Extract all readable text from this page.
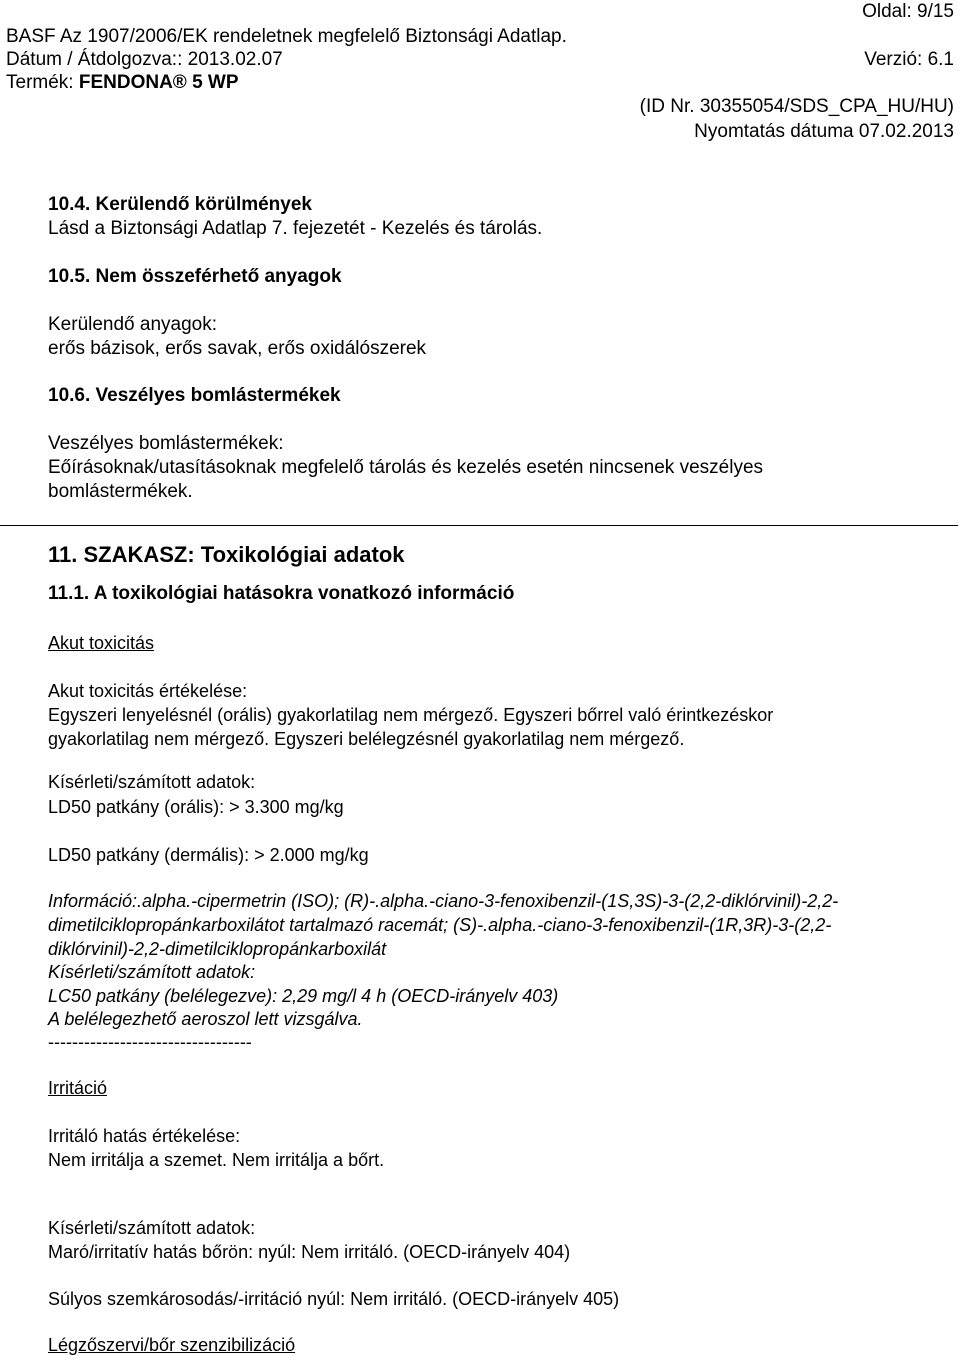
Oldal: 9/15
BASF Az 1907/2006/EK rendeletnek megfelelő Biztonsági Adatlap.
Dátum / Átdolgozva:: 2013.02.07	Verzió: 6.1
Termék: FENDONA® 5 WP
(ID Nr. 30355054/SDS_CPA_HU/HU)
Nyomtatás dátuma 07.02.2013
10.4. Kerülendő körülmények
Lásd a Biztonsági Adatlap 7. fejezetét - Kezelés és tárolás.
10.5. Nem összeférhető anyagok
Kerülendő anyagok:
erős bázisok, erős savak, erős oxidálószerek
10.6. Veszélyes bomlástermékek
Veszélyes bomlástermékek:
Eőírásoknak/utasításoknak megfelelő tárolás és kezelés esetén nincsenek veszélyes
bomlástermékek.
11. SZAKASZ: Toxikológiai adatok
11.1. A toxikológiai hatásokra vonatkozó információ
Akut toxicitás
Akut toxicitás értékelése:
Egyszeri lenyelésnél (orális) gyakorlatilag nem mérgező. Egyszeri bőrrel való érintkezéskor
gyakorlatilag nem mérgező. Egyszeri belélegzésnél gyakorlatilag nem mérgező.
Kísérleti/számított adatok:
LD50 patkány (orális): > 3.300 mg/kg
LD50 patkány (dermális): > 2.000 mg/kg
Információ:.alpha.-cipermetrin (ISO); (R)-.alpha.-ciano-3-fenoxibenzil-(1S,3S)-3-(2,2-diklórvinil)-2,2-
dimetilciklopropánkarboxilátot tartalmazó racemát; (S)-.alpha.-ciano-3-fenoxibenzil-(1R,3R)-3-(2,2-
diklórvinil)-2,2-dimetilciklopropánkarboxilát
Kísérleti/számított adatok:
LC50 patkány (belélegezve): 2,29 mg/l 4 h (OECD-irányelv 403)
A belélegezhető aeroszol lett vizsgálva.
----------------------------------
Irritáció
Irritáló hatás értékelése:
Nem irritálja a szemet. Nem irritálja a bőrt.
Kísérleti/számított adatok:
Maró/irritatív hatás bőrön: nyúl: Nem irritáló. (OECD-irányelv 404)
Súlyos szemkárosodás/-irritáció nyúl: Nem irritáló. (OECD-irányelv 405)
Légzőszervi/bőr szenzibilizáció
